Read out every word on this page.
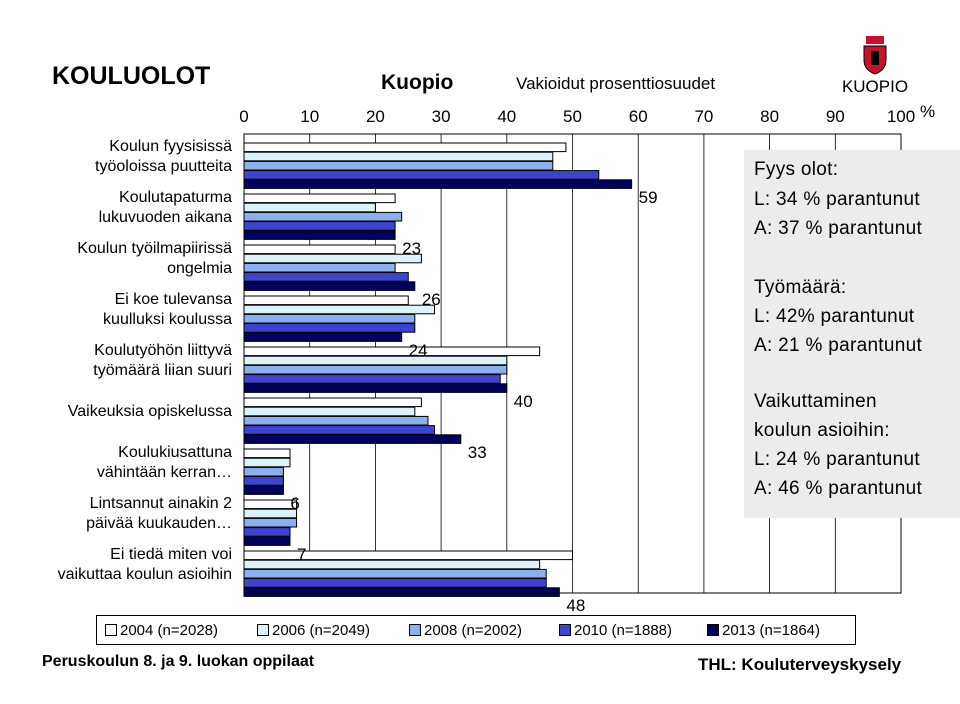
KOULUOLOT	Kuopio	Vakioidut prosenttiosuudet	KUOPIO
0	10	20	30	40	50	60	70	80	90 100
59
23
26
24
40
33
6
7
48
%
Koulun fyysisissä
työoloissa puutteita
Koulutapaturma
lukuvuoden aikana
Koulun työilmapiirissä
ongelmia
Ei koe tulevansa
kuulluksi koulussa
Koulutyöhön liittyvä
työmäärä liian suuri
Vaikeuksia opiskelussa
Koulukiusattuna
vähintään kerran…
Lintsannut ainakin 2
päivää kuukauden…
Ei tiedä miten voi
vaikuttaa koulun asioihin
Fyys olot:
L: 34 % parantunut
A: 37 % parantunut
Työmäärä:
L: 42% parantunut
A: 21 % parantunut
Vaikuttaminen
koulun asioihin:
L: 24 % parantunut
A: 46 % parantunut
2004 (n=2028)	2006 (n=2049)	2008 (n=2002)	2010 (n=1888)	2013 (n=1864)
Peruskoulun 8. ja 9. luokan oppilaat	THL: Kouluterveyskysely
